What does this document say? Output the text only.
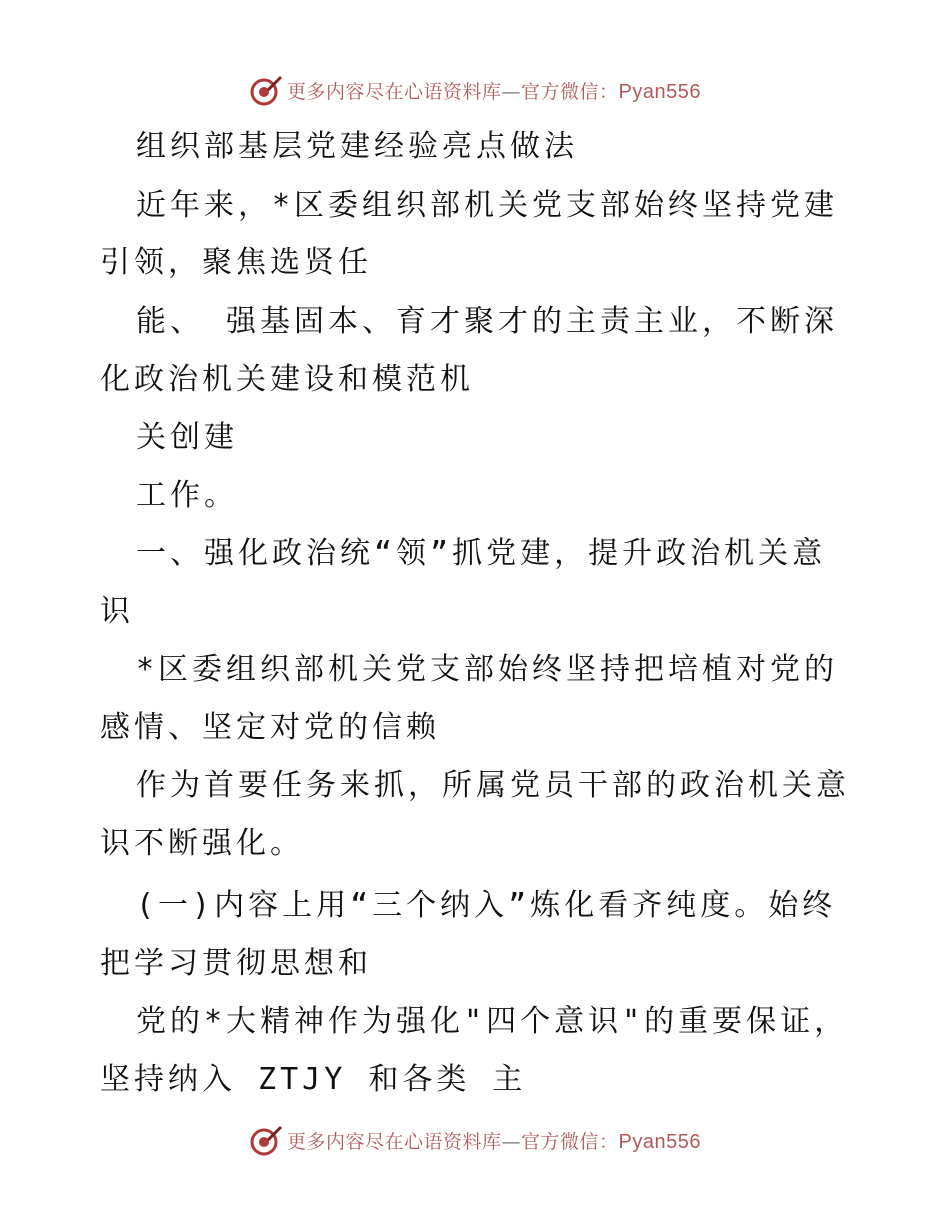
更多内容尽在心语资料库—官方微信：Pyan556
组织部基层党建经验亮点做法
近年来，*区委组织部机关党支部始终坚持党建
引领，聚焦选贤任
能、 强基固本、育才聚才的主责主业，不断深
化政治机关建设和模范机
关创建
工作。
一、强化政治统“领”抓党建，提升政治机关意
识
*区委组织部机关党支部始终坚持把培植对党的
感情、坚定对党的信赖
作为首要任务来抓，所属党员干部的政治机关意
识不断强化。
(一)内容上用“三个纳入”炼化看齐纯度。始终
把学习贯彻思想和
党的*大精神作为强化"四个意识"的重要保证，
坚持纳入 ZTJY 和各类 主
更多内容尽在心语资料库—官方微信：Pyan556
